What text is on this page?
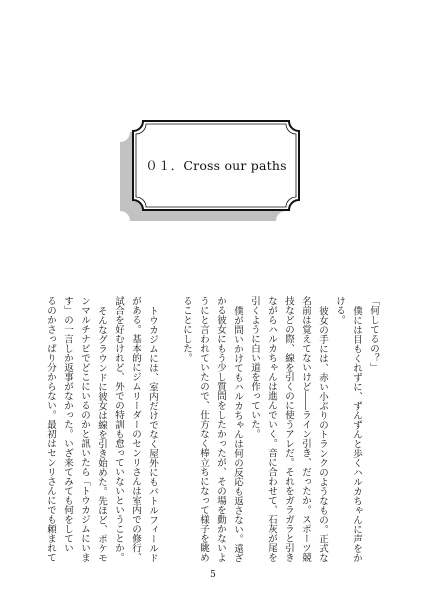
０１．Cross our paths
「何してるの？」
僕には目もくれずに、ずんずんと歩くハルカちゃんに声をか
ける。
彼女の手には、赤い小ぶりのトランクのようなもの。正式な
名前は覚えてないけど――ライン引き、だったか。スポーツ競
技などの際、線を引くのに使うアレだ。それをガラガラと引き
ながらハルカちゃんは進んでいく。音に合わせて、石灰が尾を
引くように白い道を作っていた。
僕が問いかけてもハルカちゃんは何の反応も返さない。遠ざ
かる彼女にもう少し質問をしたかったが、その場を動かないよ
うにと言われていたので、仕方なく棒立ちになって様子を眺め
ることにした。
トウカジムには、室内だけでなく屋外にもバトルフィールド
がある。基本的にジムリーダーのセンリさんは室内での修行、
試合を好むけれど、外での特訓も怠っていないということか。
そんなグラウンドに彼女は線を引き始めた。先ほど、ポケモ
ンマルチナビでどこにいるのかと訊いたら「トウカジムにいま
す」の一言しか返事がなかった。いざ来てみても何をしてい
るのかさっぱり分からない。最初はセンリさんにでも頼まれて
5
